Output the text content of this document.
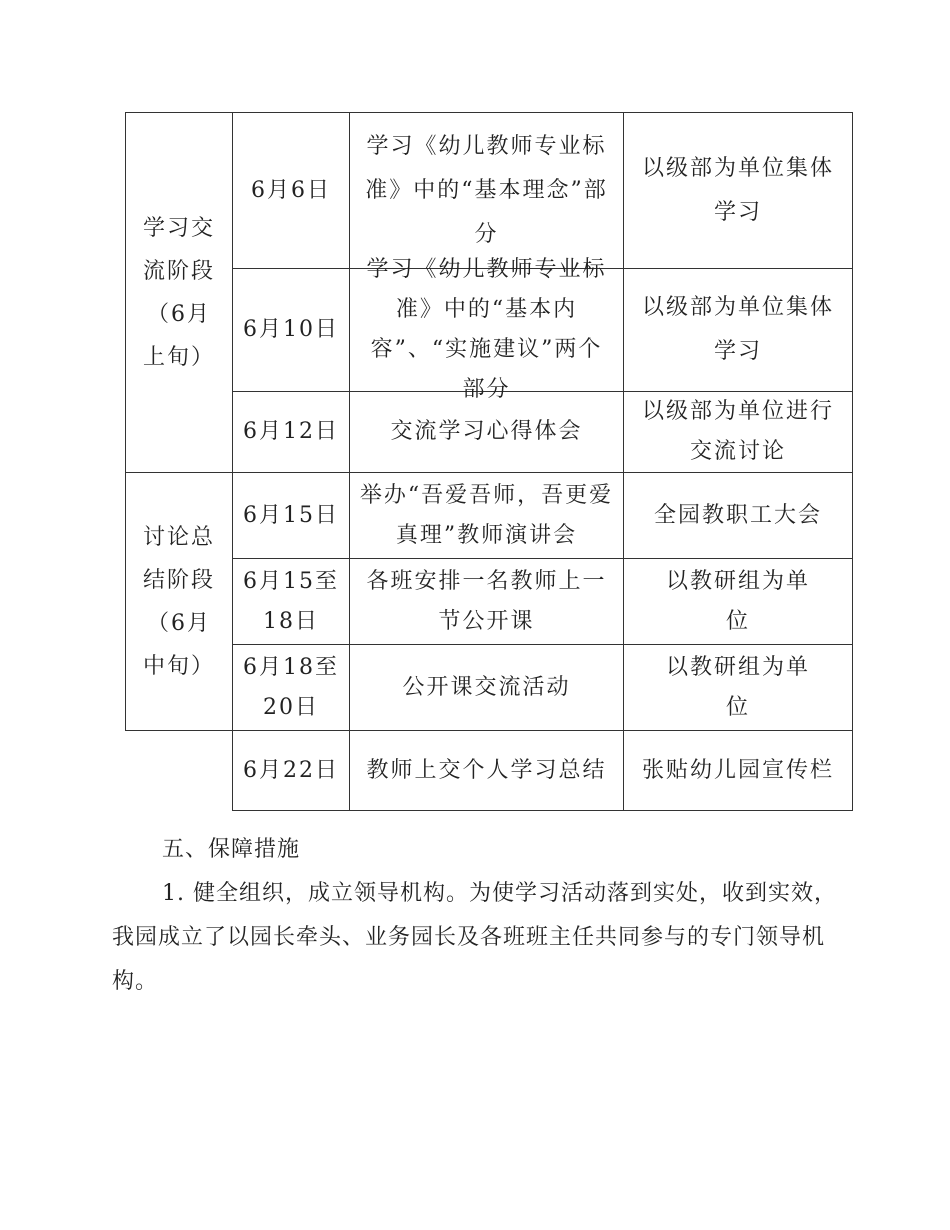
学习交流阶段（6月上旬）
讨论总结阶段（6月中旬）
6月6日
学习《幼儿教师专业标准》中的“基本理念”部分
以级部为单位集体学习
6月10日
学习《幼儿教师专业标准》中的“基本内容”、“实施建议”两个部分
以级部为单位集体学习
6月12日 交流学习心得体会
以级部为单位进行交流讨论
6月15日
举办“吾爱吾师，吾更爱真理”教师演讲会
全园教职工大会
6月15至18日
各班安排一名教师上一节公开课
以教研组为单位
6月18至20日
公开课交流活动
以教研组为单位
6月22日 教师上交个人学习总结 张贴幼儿园宣传栏

五、保障措施

1. 健全组织，成立领导机构。为使学习活动落到实处，收到实效，我园成立了以园长牵头、业务园长及各班班主任共同参与的专门领导机构。
